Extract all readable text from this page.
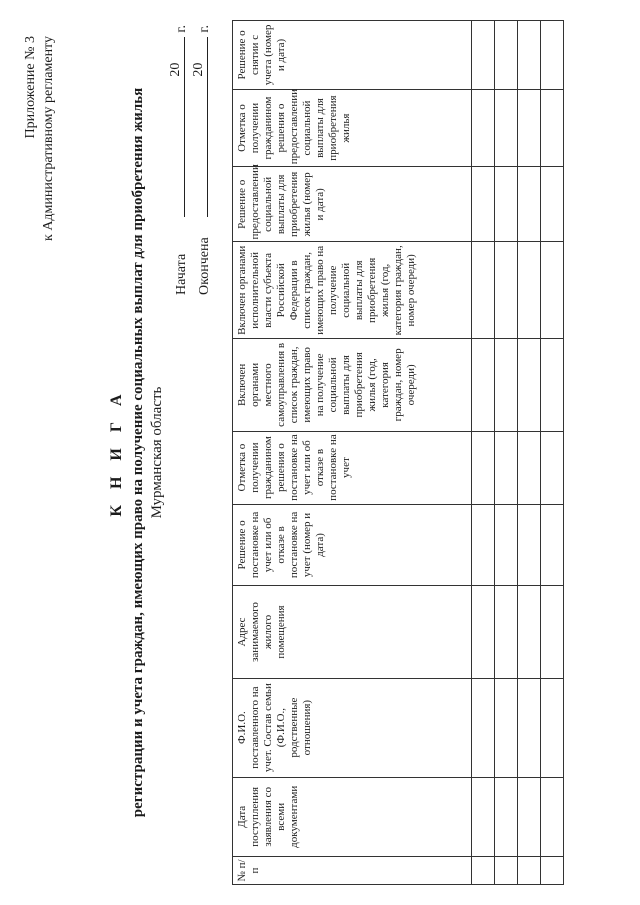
Приложение № 3 к Административному регламенту
К Н И Г А регистрации и учета граждан, имеющих право на получение социальных выплат для приобретения жилья Мурманская область
Начата
20
г.
Окончена
20
г.
№ п/п	Дата поступления заявления со всеми документами	Ф.И.О. поставленного на учет. Состав семьи (Ф.И.О., родственные отношения)	Адрес занимаемого жилого помещения	Решение о постановке на учет или об отказе в постановке на учет (номер и дата)	Отметка о получении гражданином решения о постановке на учет или об отказе в постановке на учет	Включен органами местного самоуправления в список граждан, имеющих право на получение социальной выплаты для приобретения жилья (год, категория граждан, номер очереди)	Включен органами исполнительной власти субъекта Российской Федерации в список граждан, имеющих право на получение социальной выплаты для приобретения жилья (год, категория граждан, номер очереди)	Решение о предоставлении социальной выплаты для приобретения жилья (номер и дата)	Отметка о получении гражданином решения о предоставлении социальной выплаты для приобретения жилья	Решение о снятии с учета (номер и дата)
